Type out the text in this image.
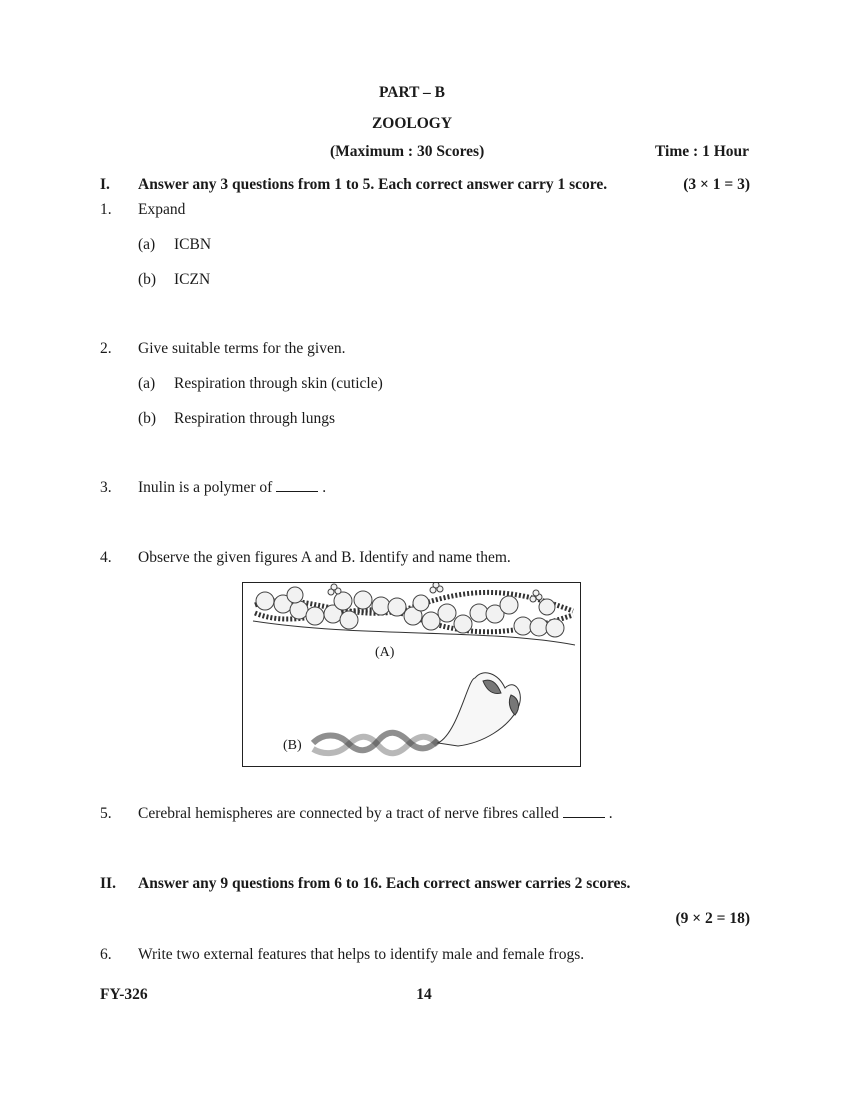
PART – B
ZOOLOGY
(Maximum : 30 Scores)	Time : 1 Hour
I. Answer any 3 questions from 1 to 5. Each correct answer carry 1 score.	(3 × 1 = 3)
1. Expand
(a) ICBN
(b) ICZN
2. Give suitable terms for the given.
(a) Respiration through skin (cuticle)
(b) Respiration through lungs
3. Inulin is a polymer of	.
4. Observe the given figures A and B. Identify and name them.
(A)
(B)
5. Cerebral hemispheres are connected by a tract of nerve fibres called	.
II. Answer any 9 questions from 6 to 16. Each correct answer carries 2 scores.
(9 × 2 = 18)
6. Write two external features that helps to identify male and female frogs.
FY-326	14
